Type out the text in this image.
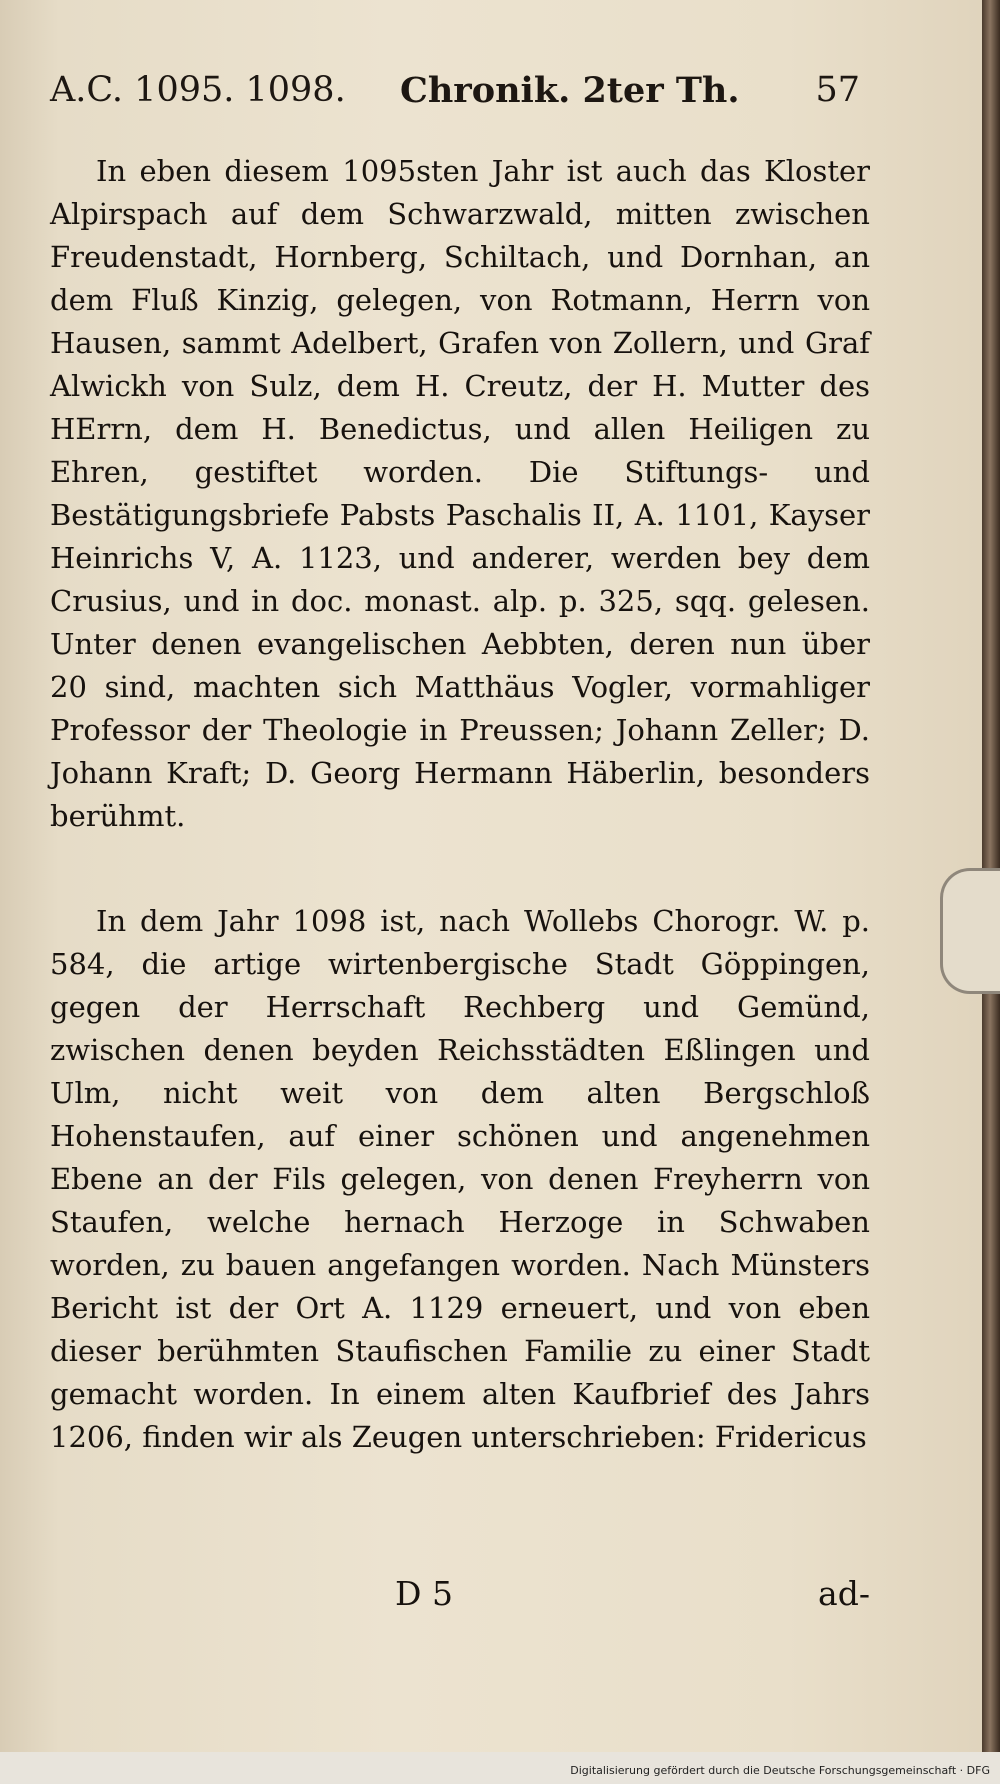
A.C. 1095. 1098. Chronik. 2ter Th. 57

In eben diesem 1095sten Jahr ist auch das Kloster Alpirspach auf dem Schwarzwald, mitten zwischen Freudenstadt, Hornberg, Schiltach, und Dornhan, an dem Fluß Kinzig, gelegen, von Rotmann, Herrn von Hausen, sammt Adelbert, Grafen von Zollern, und Graf Alwickh von Sulz, dem H. Creutz, der H. Mutter des HErrn, dem H. Benedictus, und allen Heiligen zu Ehren, gestiftet worden. Die Stiftungs- und Bestätigungsbriefe Pabsts Paschalis II, A. 1101, Kayser Heinrichs V, A. 1123, und anderer, werden bey dem Crusius, und in doc. monast. alp. p. 325, sqq. gelesen. Unter denen evangelischen Aebbten, deren nun über 20 sind, machten sich Matthäus Vogler, vormahliger Professor der Theologie in Preussen; Johann Zeller; D. Johann Kraft; D. Georg Hermann Häberlin, besonders berühmt.

In dem Jahr 1098 ist, nach Wollebs Chorogr. W. p. 584, die artige wirtenbergische Stadt Göppingen, gegen der Herrschaft Rechberg und Gemünd, zwischen denen beyden Reichsstädten Eßlingen und Ulm, nicht weit von dem alten Bergschloß Hohenstaufen, auf einer schönen und angenehmen Ebene an der Fils gelegen, von denen Freyherrn von Staufen, welche hernach Herzoge in Schwaben worden, zu bauen angefangen worden. Nach Münsters Bericht ist der Ort A. 1129 erneuert, und von eben dieser berühmten Staufischen Familie zu einer Stadt gemacht worden. In einem alten Kaufbrief des Jahrs 1206, finden wir als Zeugen unterschrieben: Fridericus

D 5	ad-
Digitalisierung gefördert durch die Deutsche Forschungsgemeinschaft · DFG
